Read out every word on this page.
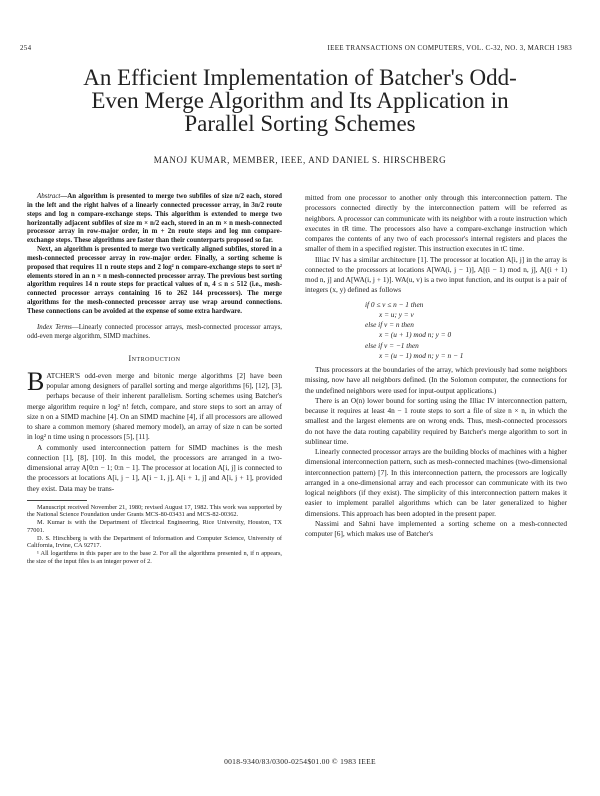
254	IEEE TRANSACTIONS ON COMPUTERS, VOL. C-32, NO. 3, MARCH 1983
An Efficient Implementation of Batcher's Odd-
Even Merge Algorithm and Its Application in
Parallel Sorting Schemes
MANOJ KUMAR, MEMBER, IEEE, AND DANIEL S. HIRSCHBERG

Abstract—An algorithm is presented to merge two subfiles of size n/2 each, stored in the left and the right halves of a linearly connected processor array, in 3n/2 route steps and log n compare-exchange steps. This algorithm is extended to merge two horizontally adjacent subfiles of size m × n/2 each, stored in an m × n mesh-connected processor array in row-major order, in m + 2n route steps and log mn compare-exchange steps. These algorithms are faster than their counterparts proposed so far.

Next, an algorithm is presented to merge two vertically aligned subfiles, stored in a mesh-connected processor array in row-major order. Finally, a sorting scheme is proposed that requires 11 n route steps and 2 log² n compare-exchange steps to sort n² elements stored in an n × n mesh-connected processor array. The previous best sorting algorithm requires 14 n route steps for practical values of n, 4 ≤ n ≤ 512 (i.e., mesh-connected processor arrays containing 16 to 262 144 processors). The merge algorithms for the mesh-connected processor array use wrap around connections. These connections can be avoided at the expense of some extra hardware.

Index Terms—Linearly connected processor arrays, mesh-connected processor arrays, odd-even merge algorithm, SIMD machines.

Introduction

BATCHER'S odd-even merge and bitonic merge algorithms [2] have been popular among designers of parallel sorting and merge algorithms [6], [12], [3], perhaps because of their inherent parallelism. Sorting schemes using Batcher's merge algorithm require n log² n! fetch, compare, and store steps to sort an array of size n on a SIMD machine [4]. On an SIMD machine [4], if all processors are allowed to share a common memory (shared memory model), an array of size n can be sorted in log² n time using n processors [5], [11].

A commonly used interconnection pattern for SIMD machines is the mesh connection [1], [8], [10]. In this model, the processors are arranged in a two-dimensional array A[0:n − 1; 0:n − 1]. The processor at location A[i, j] is connected to the processors at locations A[i, j − 1], A[i − 1, j], A[i + 1, j] and A[i, j + 1], provided they exist. Data may be trans-

Manuscript received November 21, 1980; revised August 17, 1982. This work was supported by the National Science Foundation under Grants MCS-80-03431 and MCS-82-00362.

M. Kumar is with the Department of Electrical Engineering, Rice University, Houston, TX 77001.

D. S. Hirschberg is with the Department of Information and Computer Science, University of California, Irvine, CA 92717.

¹ All logarithms in this paper are to the base 2. For all the algorithms presented n, if n appears, the size of the input files is an integer power of 2.

mitted from one processor to another only through this interconnection pattern. The processors connected directly by the interconnection pattern will be referred as neighbors. A processor can communicate with its neighbor with a route instruction which executes in tR time. The processors also have a compare-exchange instruction which compares the contents of any two of each processor's internal registers and places the smaller of them in a specified register. This instruction executes in tC time.

Illiac IV has a similar architecture [1]. The processor at location A[i, j] in the array is connected to the processors at locations A[WA(i, j − 1)], A[(i − 1) mod n, j], A[(i + 1) mod n, j] and A[WA(i, j + 1)]. WA(u, v) is a two input function, and its output is a pair of integers (x, y) defined as follows

if 0 ≤ v ≤ n − 1 then
x = u; y = v
else if v = n then
x = (u + 1) mod n; y = 0
else if v = −1 then
x = (u − 1) mod n; y = n − 1

Thus processors at the boundaries of the array, which previously had some neighbors missing, now have all neighbors defined. (In the Solomon computer, the connections for the undefined neighbors were used for input-output applications.)

There is an O(n) lower bound for sorting using the Illiac IV interconnection pattern, because it requires at least 4n − 1 route steps to sort a file of size n × n, in which the smallest and the largest elements are on wrong ends. Thus, mesh-connected processors do not have the data routing capability required by Batcher's merge algorithm to sort in sublinear time.

Linearly connected processor arrays are the building blocks of machines with a higher dimensional interconnection pattern, such as mesh-connected machines (two-dimensional interconnection pattern) [7]. In this interconnection pattern, the processors are logically arranged in a one-dimensional array and each processor can communicate with its two logical neighbors (if they exist). The simplicity of this interconnection pattern makes it easier to implement parallel algorithms which can be later generalized to higher dimensions. This approach has been adopted in the present paper.

Nassimi and Sahni have implemented a sorting scheme on a mesh-connected computer [6], which makes use of Batcher's

0018-9340/83/0300-0254$01.00 © 1983 IEEE
